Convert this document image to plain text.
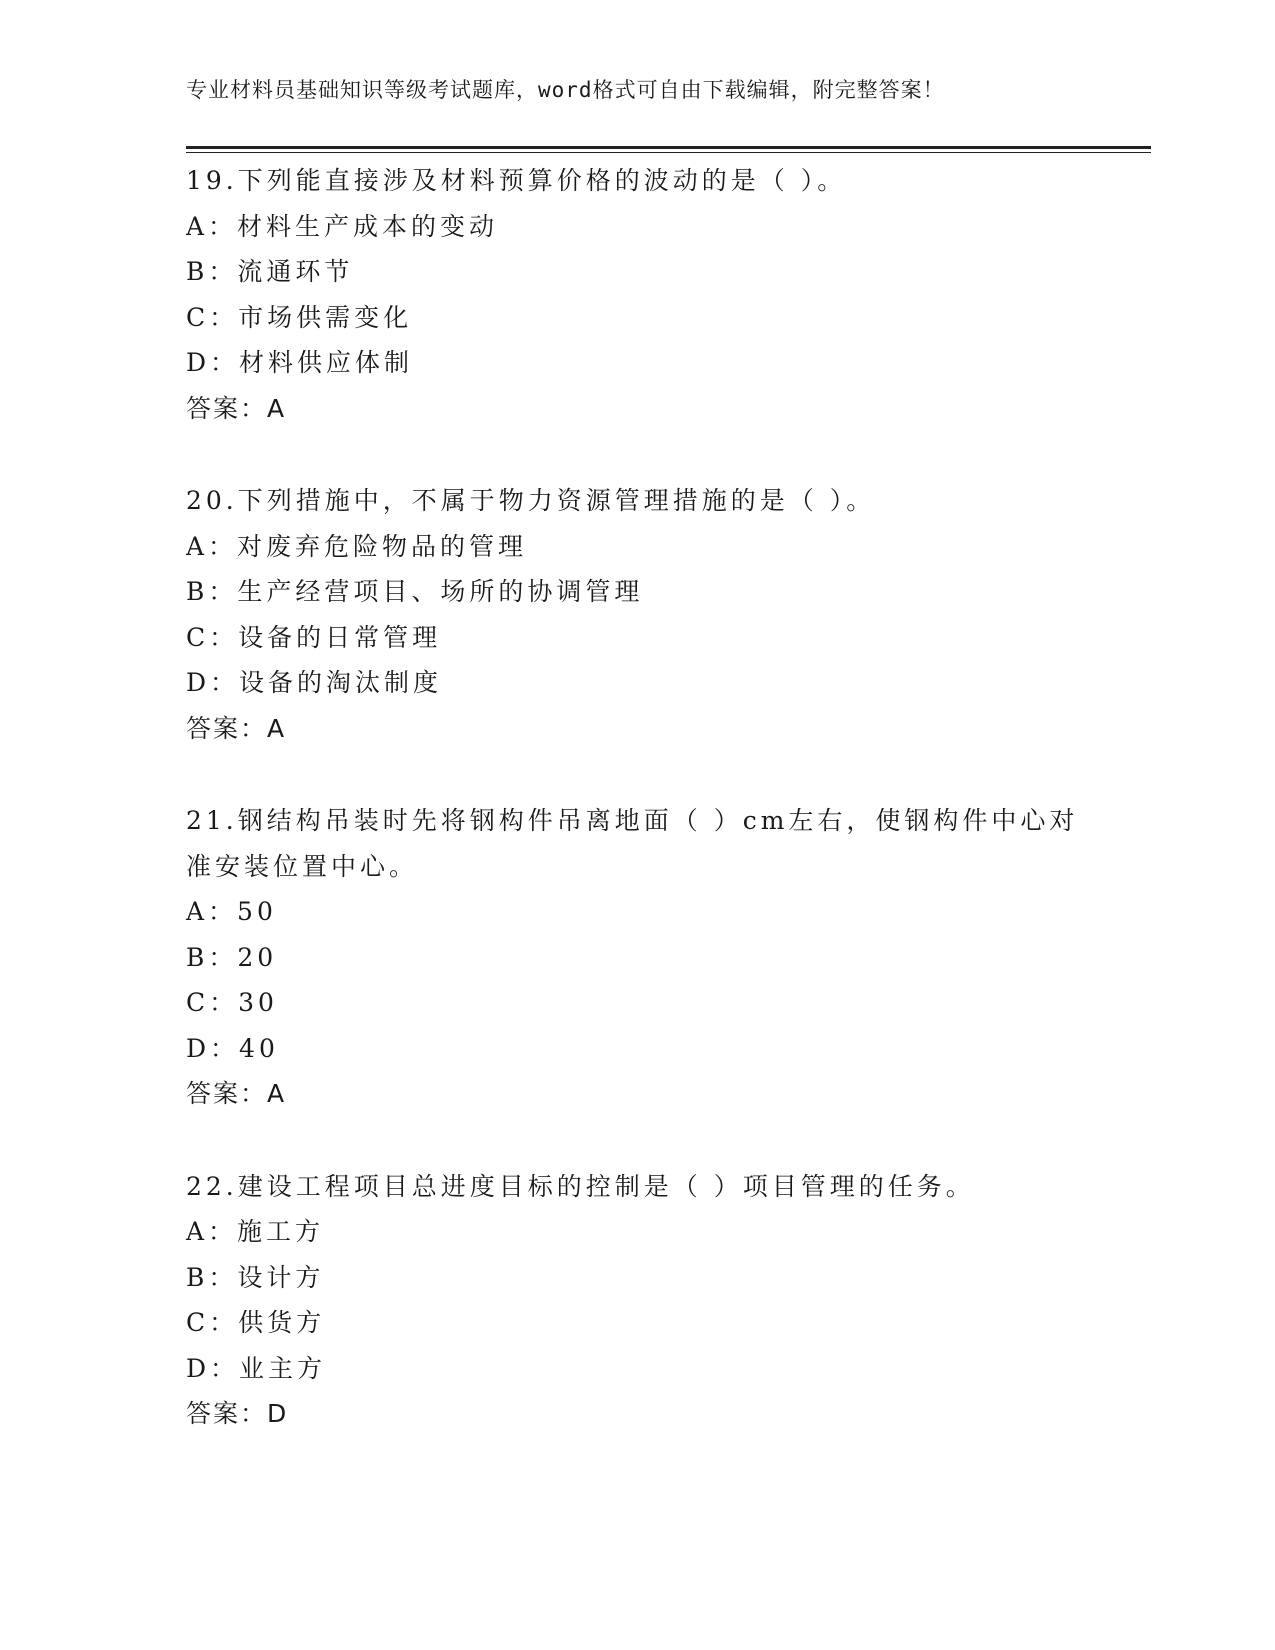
专业材料员基础知识等级考试题库，word格式可自由下载编辑，附完整答案！
19.下列能直接涉及材料预算价格的波动的是（ ）。
A：材料生产成本的变动
B：流通环节
C：市场供需变化
D：材料供应体制
答案：A
20.下列措施中，不属于物力资源管理措施的是（ ）。
A：对废弃危险物品的管理
B：生产经营项目、场所的协调管理
C：设备的日常管理
D：设备的淘汰制度
答案：A
21.钢结构吊装时先将钢构件吊离地面（ ）cm左右，使钢构件中心对
准安装位置中心。
A：50
B：20
C：30
D：40
答案：A
22.建设工程项目总进度目标的控制是（ ）项目管理的任务。
A：施工方
B：设计方
C：供货方
D：业主方
答案：D
